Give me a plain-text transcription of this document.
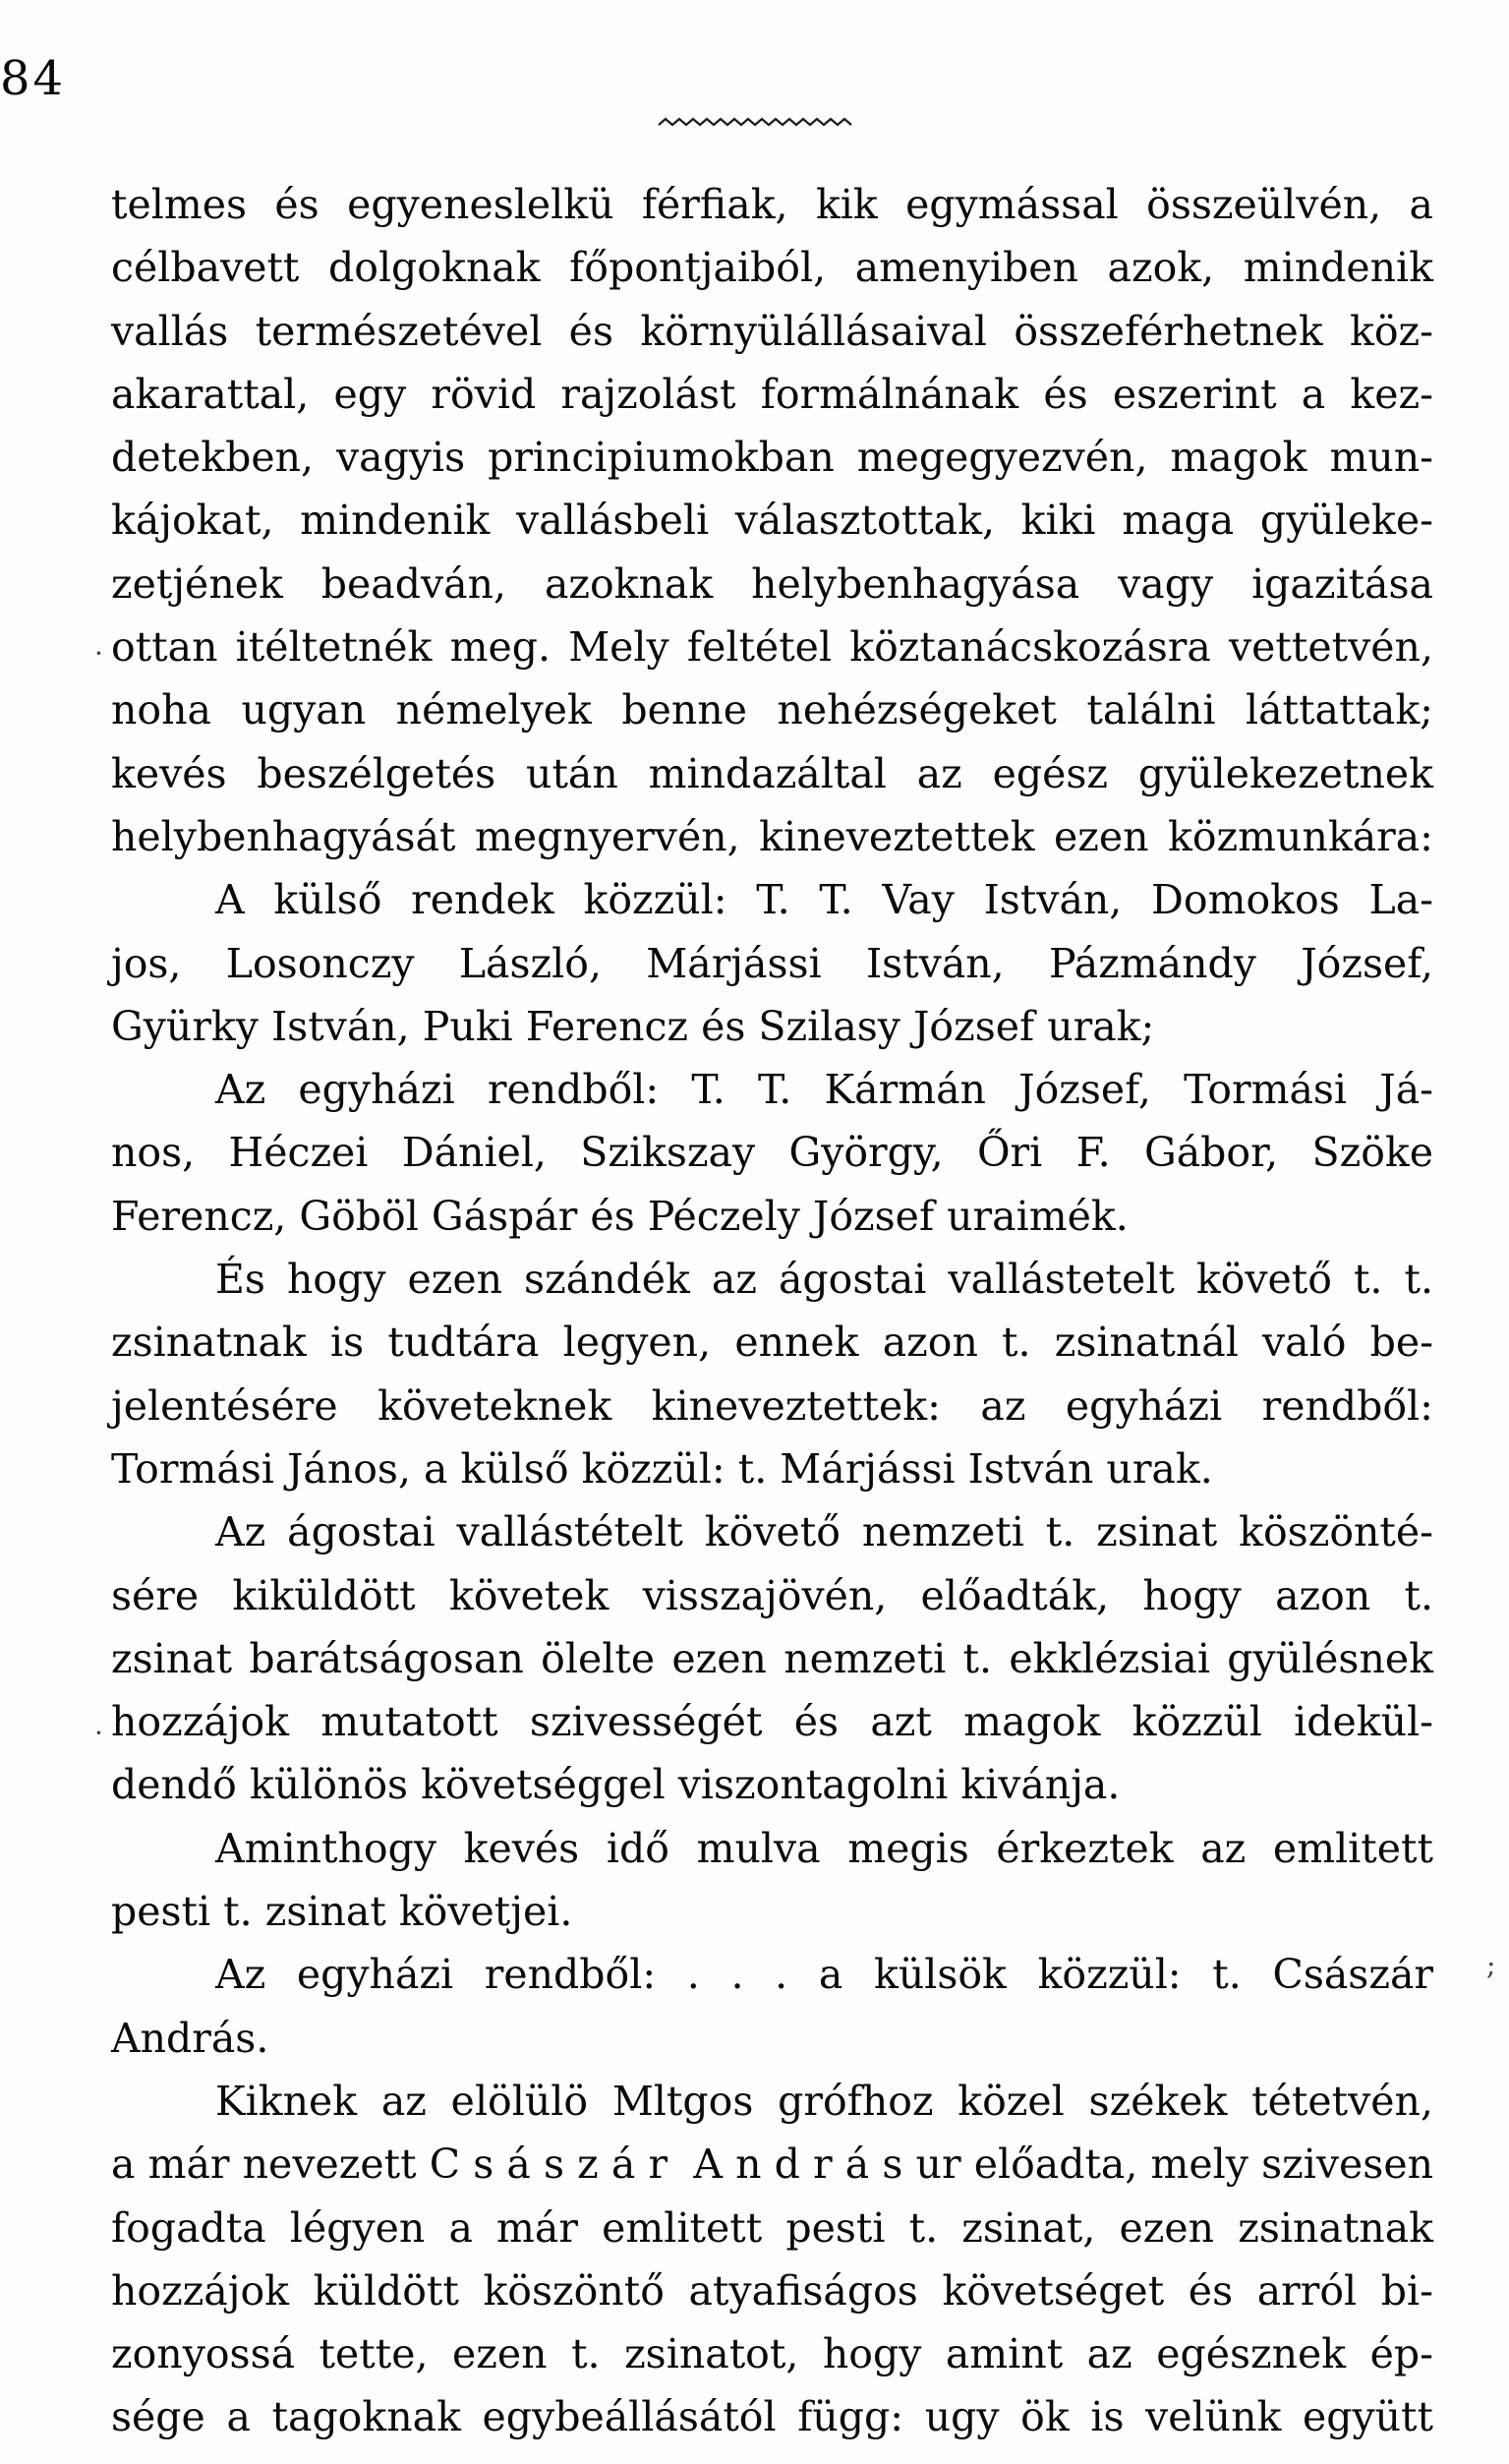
84
telmes és egyeneslelkü férfiak, kik egymással összeülvén, a
célbavett dolgoknak főpontjaiból, amenyiben azok, mindenik
vallás természetével és környülállásaival összeférhetnek köz-
akarattal, egy rövid rajzolást formálnának és eszerint a kez-
detekben, vagyis principiumokban megegyezvén, magok mun-
kájokat, mindenik vallásbeli választottak, kiki maga gyüleke-
zetjének beadván, azoknak helybenhagyása vagy igazitása
ottan itéltetnék meg. Mely feltétel köztanácskozásra vettetvén,
noha ugyan némelyek benne nehézségeket találni láttattak;
kevés beszélgetés után mindazáltal az egész gyülekezetnek
helybenhagyását megnyervén, kineveztettek ezen közmunkára:
A külső rendek közzül: T. T. Vay István, Domokos La-
jos, Losonczy László, Márjássi István, Pázmándy József,
Gyürky István, Puki Ferencz és Szilasy József urak;
Az egyházi rendből: T. T. Kármán József, Tormási Já-
nos, Héczei Dániel, Szikszay György, Őri F. Gábor, Szöke
Ferencz, Göböl Gáspár és Péczely József uraimék.
És hogy ezen szándék az ágostai vallástetelt követő t. t.
zsinatnak is tudtára legyen, ennek azon t. zsinatnál való be-
jelentésére követeknek kineveztettek: az egyházi rendből:
Tormási János, a külső közzül: t. Márjássi István urak.
Az ágostai vallástételt követő nemzeti t. zsinat köszönté-
sére kiküldött követek visszajövén, előadták, hogy azon t.
zsinat barátságosan ölelte ezen nemzeti t. ekklézsiai gyülésnek
hozzájok mutatott szivességét és azt magok közzül idekül-
dendő különös követséggel viszontagolni kivánja.
Aminthogy kevés idő mulva megis érkeztek az emlitett
pesti t. zsinat követjei.
Az egyházi rendből: . . . a külsök közzül: t. Császár
András.
Kiknek az elölülö Mltgos grófhoz közel székek tétetvén,
a már nevezett C s á s z á r  A n d r á s ur előadta, mely szivesen
fogadta légyen a már emlitett pesti t. zsinat, ezen zsinatnak
hozzájok küldött köszöntő atyafiságos követséget és arról bi-
zonyossá tette, ezen t. zsinatot, hogy amint az egésznek ép-
sége a tagoknak egybeállásától függ: ugy ök is velünk együtt
·
·
;
